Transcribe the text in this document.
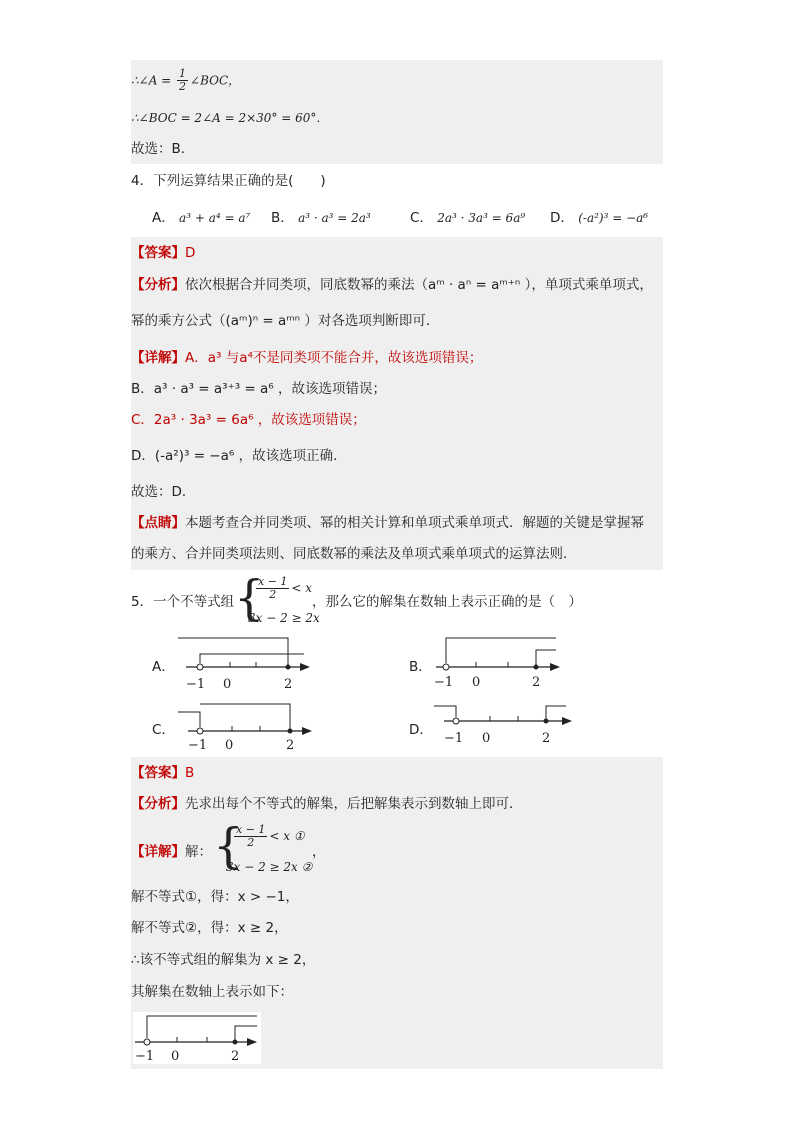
∴∠A = $\frac{1}{2}$ ∠BOC，
∴∠BOC = 2∠A = 2×30° = 60°．
故选：B．
4．下列运算结果正确的是(　　)
A． a³ + a⁴ = a⁷ B． a³ · a³ = 2a³	C． 2a³ · 3a³ = 6a⁹ D． (-a²)³ = −a⁶
【答案】D
【分析】依次根据合并同类项，同底数幂的乘法（aᵐ · aⁿ = aᵐ⁺ⁿ ），单项式乘单项式，
幂的乘方公式（(aᵐ)ⁿ = aᵐⁿ ）对各选项判断即可．
【详解】A．a³ 与a⁴不是同类项不能合并，故该选项错误；
B．a³ · a³ = a³⁺³ = a⁶ ，故该选项错误；
C．2a³ · 3a³ = 6a⁶ ，故该选项错误；
D．(-a²)³ = −a⁶ ，故该选项正确．
故选：D．
【点睛】本题考查合并同类项、幂的相关计算和单项式乘单项式．解题的关键是掌握幂
的乘方、合并同类项法则、同底数幂的乘法及单项式乘单项式的运算法则．
5．一个不等式组 {
$\frac{x - 1}{2} < x$
3x − 2 ≥ 2x
，那么它的解集在数轴上表示正确的是（　）
A．
−1 0	2
B．
−1 0	2
C．
−1 0	2
D．
−1 0	2
【答案】B
【分析】先求出每个不等式的解集，后把解集表示到数轴上即可．
【详解】解： {
$\frac{x - 1}{2} < x$ ①
3x − 2 ≥ 2x ②
，
解不等式①，得：x > −1，
解不等式②，得：x ≥ 2，
∴该不等式组的解集为 x ≥ 2，
其解集在数轴上表示如下：
−1 0	2
